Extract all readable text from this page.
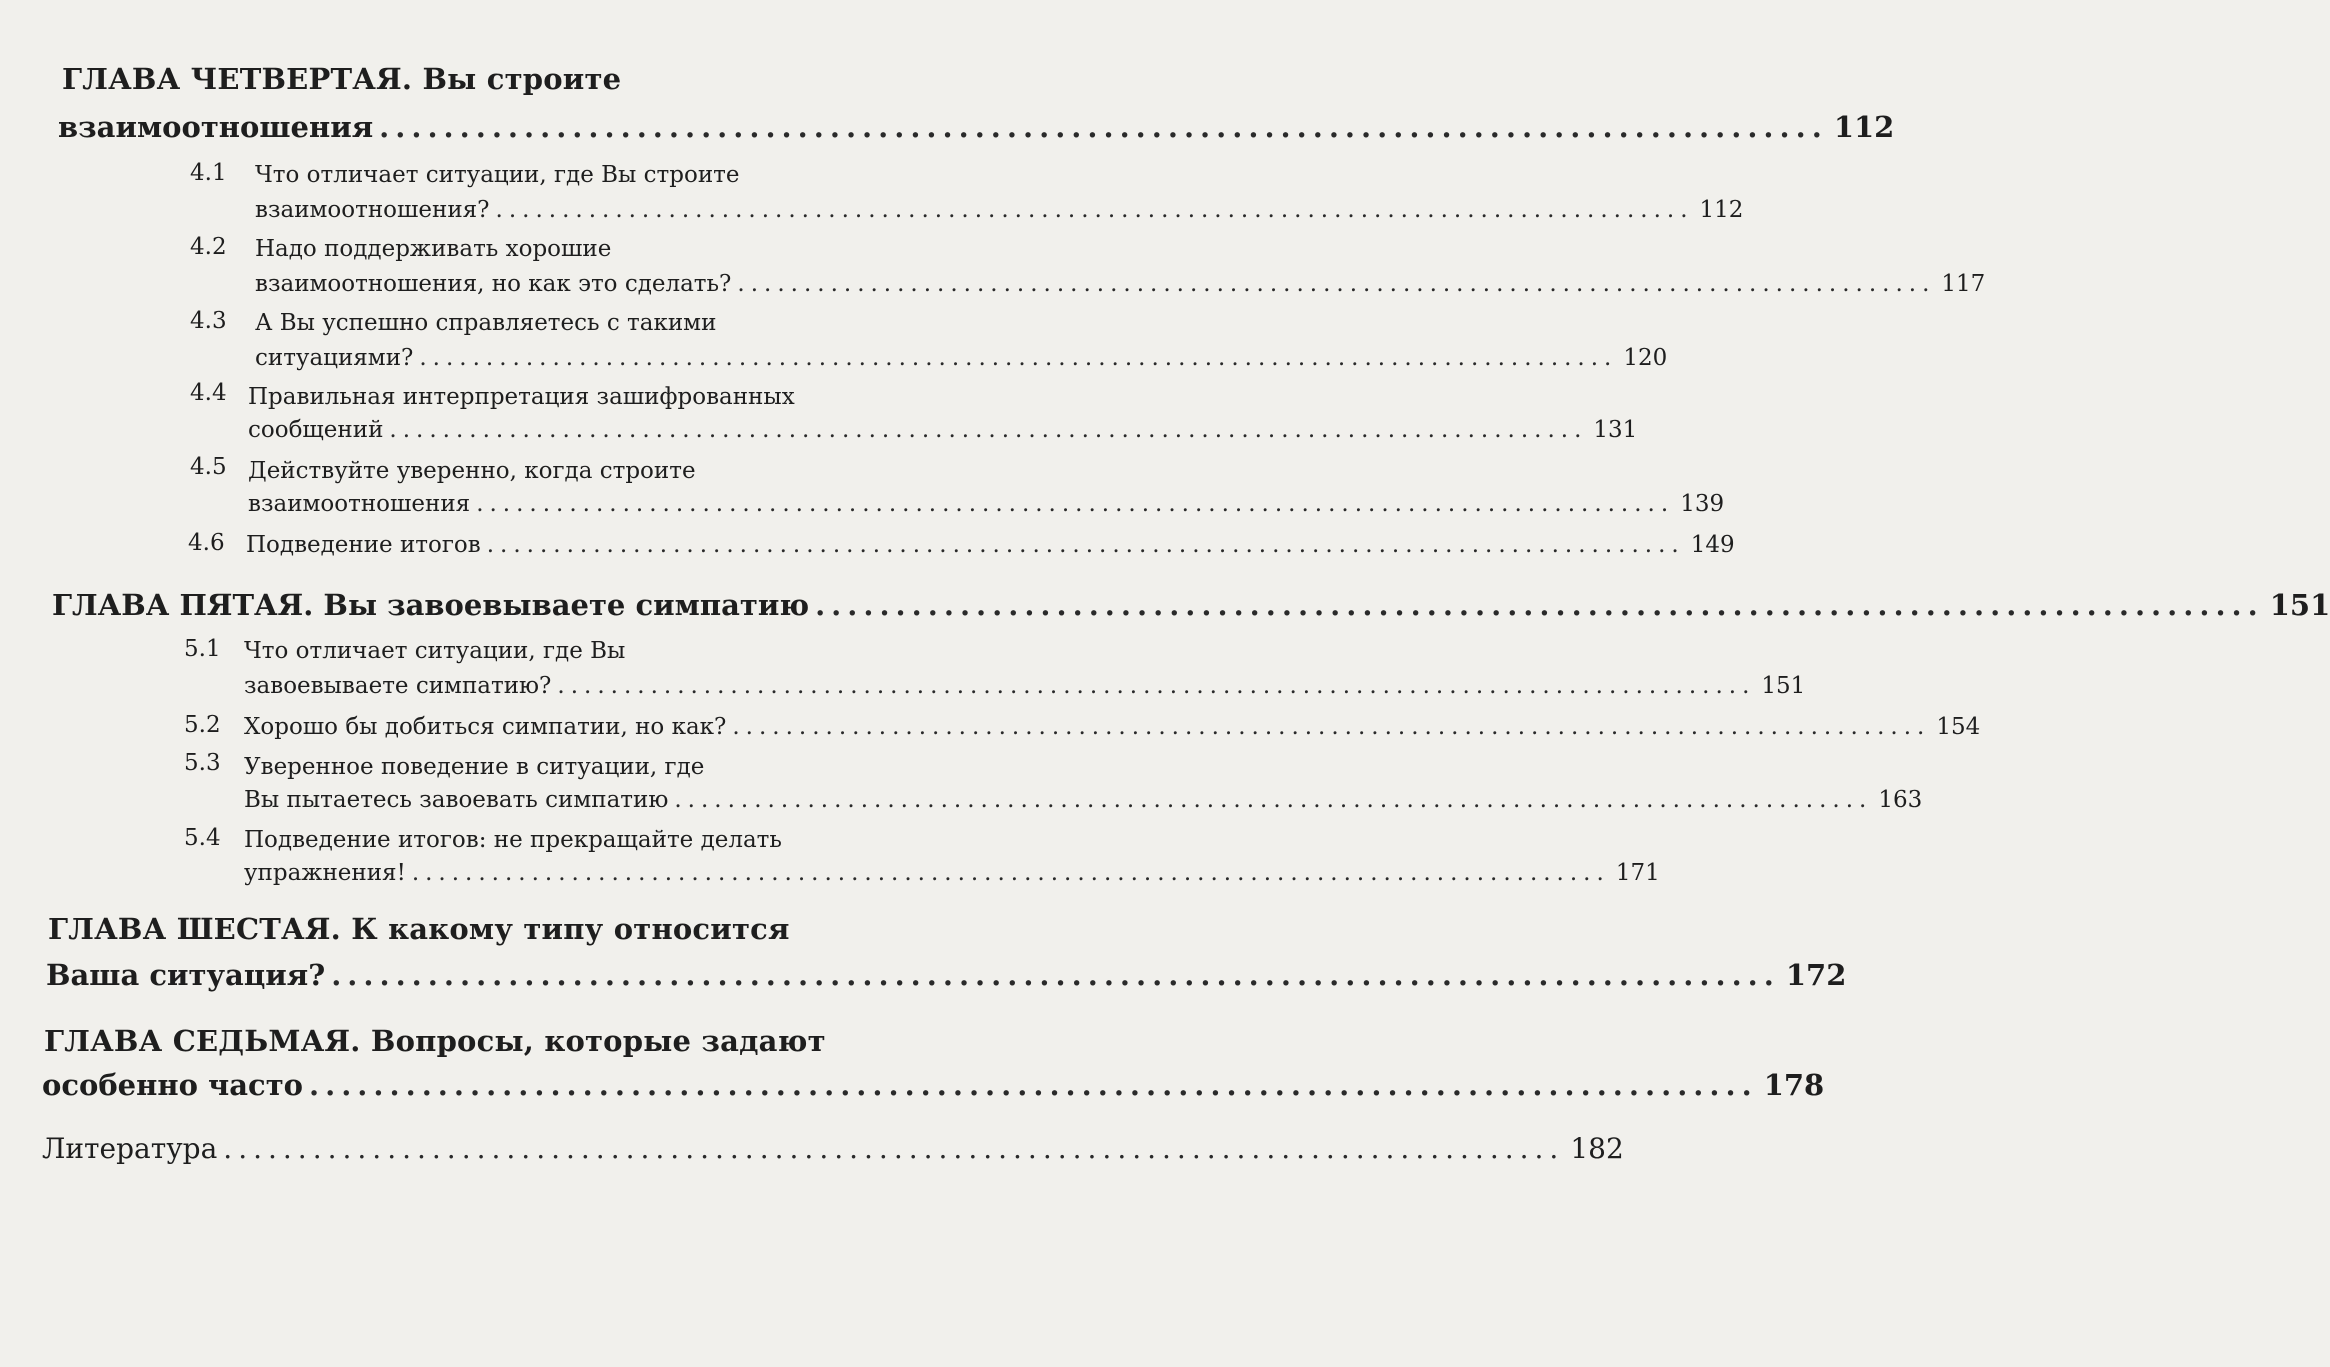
ГЛАВА ЧЕТВЕРТАЯ. Вы строите
взаимоотношения .......................................................................................... 112
4.1 Что отличает ситуации, где Вы строите
взаимоотношения? .......................................................................................... 112
4.2 Надо поддерживать хорошие
взаимоотношения, но как это сделать? .......................................................................................... 117
4.3 А Вы успешно справляетесь с такими
ситуациями? .......................................................................................... 120
4.4 Правильная интерпретация зашифрованных
сообщений .......................................................................................... 131
4.5 Действуйте уверенно, когда строите
взаимоотношения .......................................................................................... 139
4.6 Подведение итогов .......................................................................................... 149
ГЛАВА ПЯТАЯ. Вы завоевываете симпатию .......................................................................................... 151
5.1 Что отличает ситуации, где Вы
завоевываете симпатию? .......................................................................................... 151
5.2 Хорошо бы добиться симпатии, но как? .......................................................................................... 154
5.3 Уверенное поведение в ситуации, где
Вы пытаетесь завоевать симпатию .......................................................................................... 163
5.4 Подведение итогов: не прекращайте делать
упражнения! .......................................................................................... 171
ГЛАВА ШЕСТАЯ. К какому типу относится
Ваша ситуация? .......................................................................................... 172
ГЛАВА СЕДЬМАЯ. Вопросы, которые задают
особенно часто .......................................................................................... 178
Литература .......................................................................................... 182
